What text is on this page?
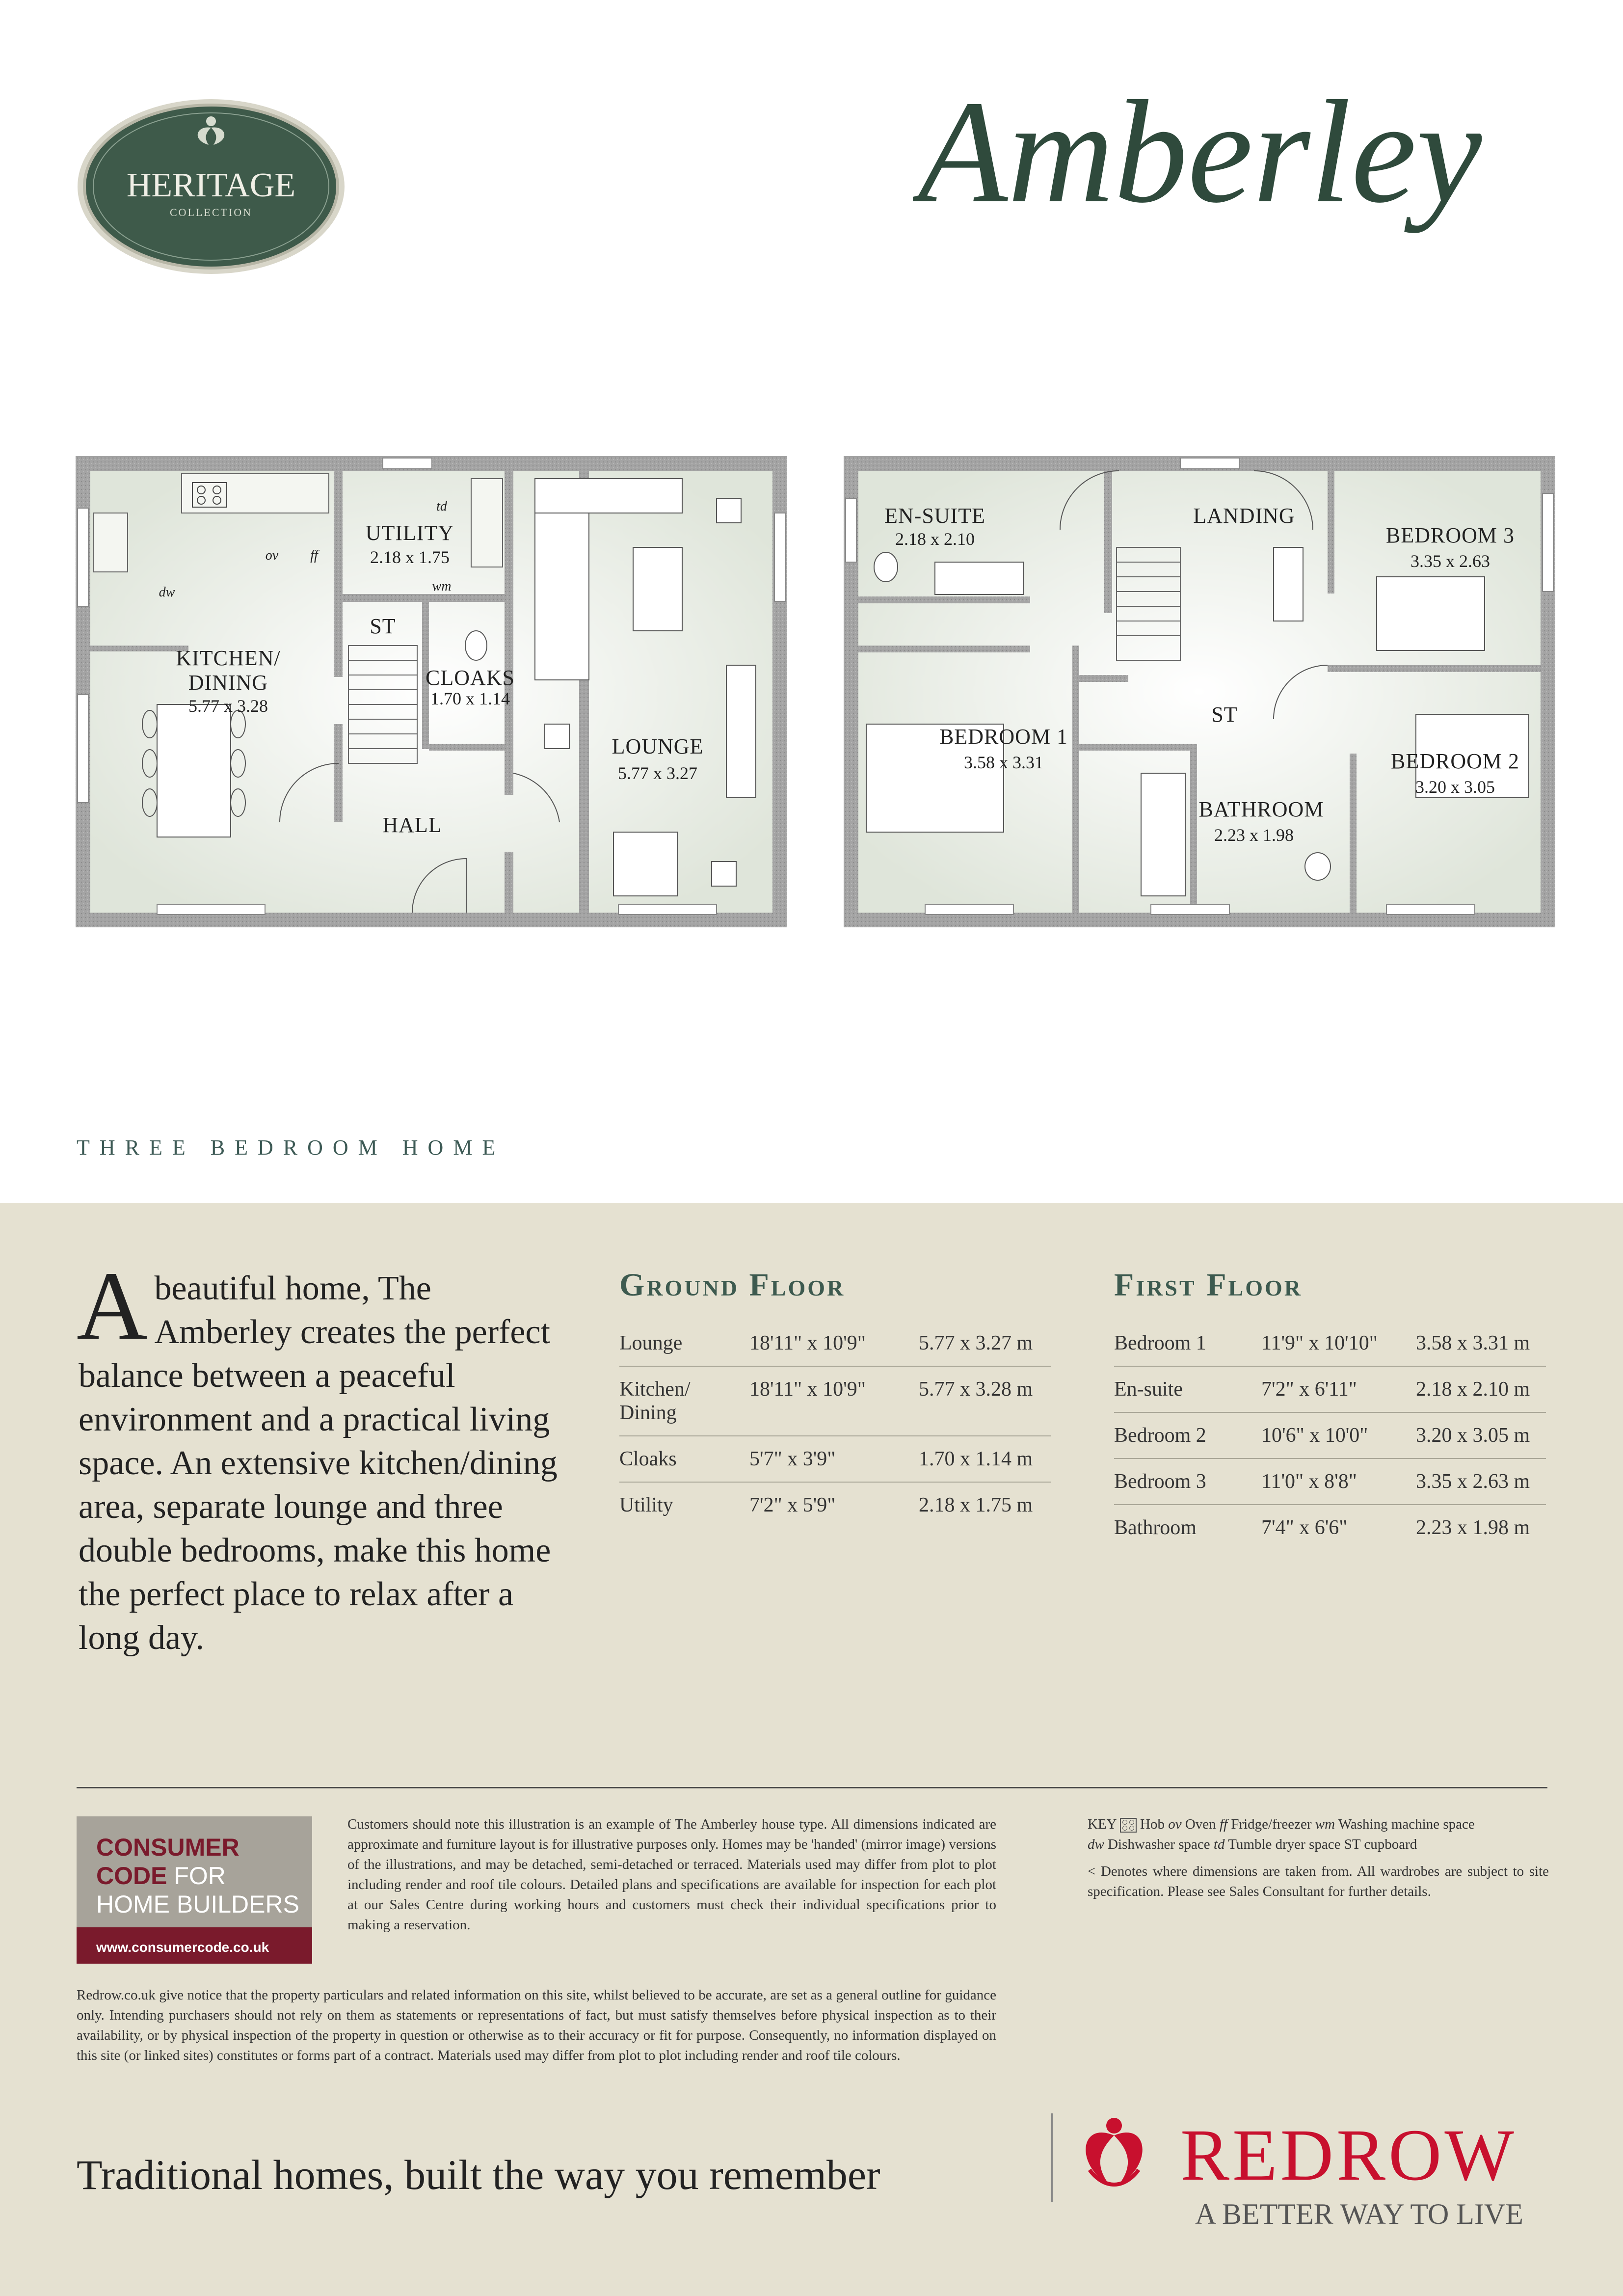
HERITAGE
COLLECTION	Amberley
UTILITY
2.18 x 1.75
KITCHEN/
DINING
5.77 x 3.28
ST
CLOAKS
1.70 x 1.14
LOUNGE
5.77 x 3.27
HALL
ov ff
dw
td
wm
EN-SUITE
2.18 x 2.10
LANDING
BEDROOM 3
3.35 x 2.63
BEDROOM 1
3.58 x 3.31
ST
BEDROOM 2
3.20 x 3.05
BATHROOM
2.23 x 1.98
THREE BEDROOM HOME
Abeautiful home, The Amberley creates the perfect balance between a peaceful environment and a practical living space. An extensive kitchen/dining area, separate lounge and three double bedrooms, make this home the perfect place to relax after a long day.
Ground Floor
Lounge	18'11" x 10'9"	5.77 x 3.27 m
Kitchen/ Dining	18'11" x 10'9"	5.77 x 3.28 m
Cloaks	5'7" x 3'9"	1.70 x 1.14 m
Utility	7'2" x 5'9"	2.18 x 1.75 m
First Floor
Bedroom 1	11'9" x 10'10"	3.58 x 3.31 m
En-suite	7'2" x 6'11"	2.18 x 2.10 m
Bedroom 2	10'6" x 10'0"	3.20 x 3.05 m
Bedroom 3	11'0" x 8'8"	3.35 x 2.63 m
Bathroom	7'4" x 6'6"	2.23 x 1.98 m
CONSUMER
CODE FOR
HOME BUILDERS
www.consumercode.co.uk
Customers should note this illustration is an example of The Amberley house type. All dimensions indicated are approximate and furniture layout is for illustrative purposes only. Homes may be 'handed' (mirror image) versions of the illustrations, and may be detached, semi-detached or terraced. Materials used may differ from plot to plot including render and roof tile colours. Detailed plans and specifications are available for inspection for each plot at our Sales Centre during working hours and customers must check their individual specifications prior to making a reservation.
KEY Hob ov Oven ff Fridge/freezer wm Washing machine space
dw Dishwasher space td Tumble dryer space ST cupboard
< Denotes where dimensions are taken from. All wardrobes are subject to site specification. Please see Sales Consultant for further details.
Redrow.co.uk give notice that the property particulars and related information on this site, whilst believed to be accurate, are set as a general outline for guidance only. Intending purchasers should not rely on them as statements or representations of fact, but must satisfy themselves before physical inspection as to their availability, or by physical inspection of the property in question or otherwise as to their accuracy or fit for purpose. Consequently, no information displayed on this site (or linked sites) constitutes or forms part of a contract. Materials used may differ from plot to plot including render and roof tile colours.
Traditional homes, built the way you remember	REDROW
A BETTER WAY TO LIVE
